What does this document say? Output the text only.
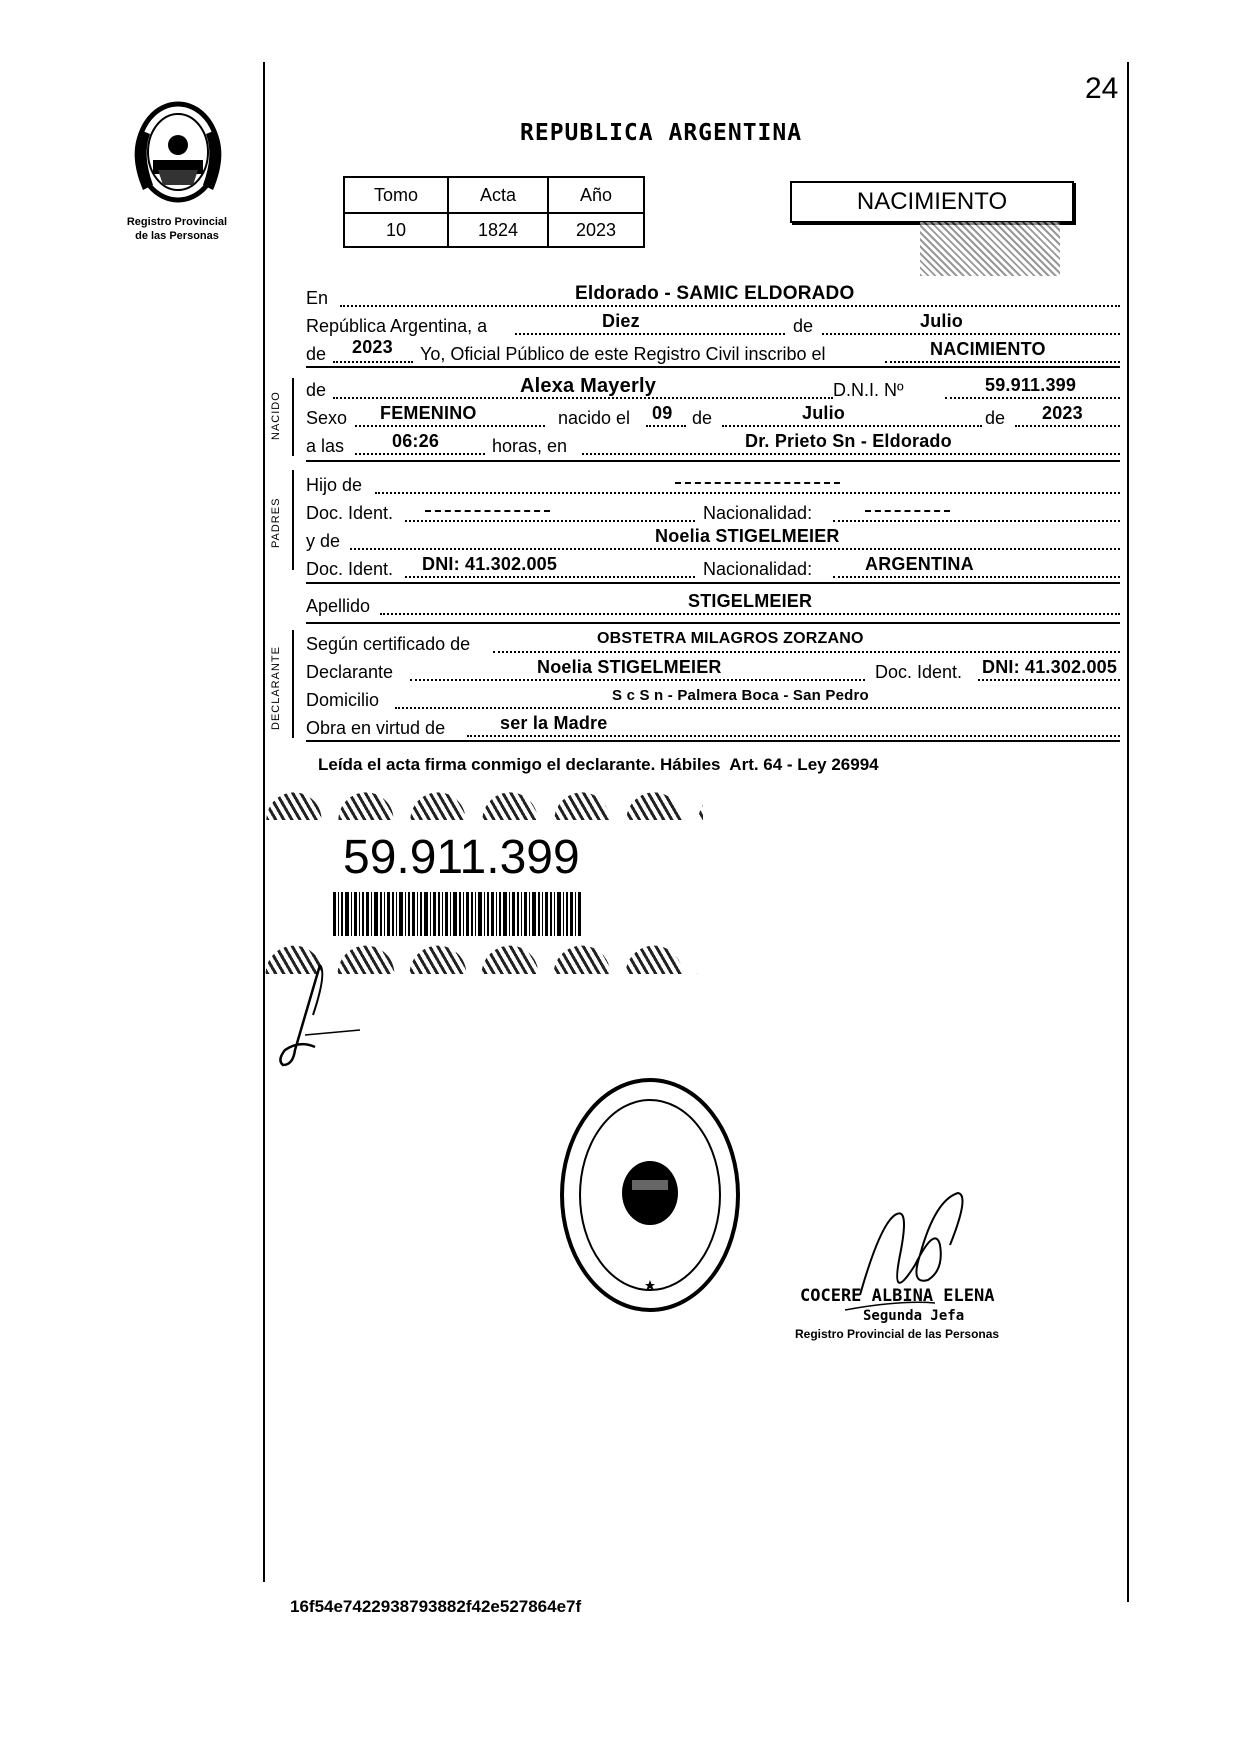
24
Registro Provincial
de las Personas
REPUBLICA ARGENTINA
Tomo	Acta	Año
10	1824	2023
NACIMIENTO
En	Eldorado - SAMIC ELDORADO
República Argentina, a	Diez	de	Julio
de 2023 Yo, Oficial Público de este Registro Civil inscribo el	NACIMIENTO
NACIDO
de	Alexa Mayerly	D.N.I. Nº	59.911.399
Sexo FEMENINO	nacido el 09 de	Julio	de 2023
a las	06:26	horas, en	Dr. Prieto Sn - Eldorado
PADRES
Hijo de
Doc. Ident.	Nacionalidad:
y de	Noelia STIGELMEIER
Doc. Ident. DNI: 41.302.005	Nacionalidad:	ARGENTINA
Apellido	STIGELMEIER
DECLARANTE
Según certificado de	OBSTETRA MILAGROS ZORZANO
Declarante	Noelia STIGELMEIER	Doc. Ident. DNI: 41.302.005
Domicilio	S c S n - Palmera Boca - San Pedro
Obra en virtud de	ser la Madre
Leída el acta firma conmigo el declarante. Hábiles  Art. 64 - Ley 26994
59.911.399
COCERE ALBINA ELENA
Segunda Jefa
Registro Provincial de las Personas
16f54e7422938793882f42e527864e7f
